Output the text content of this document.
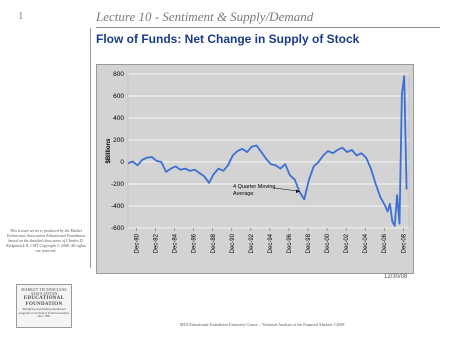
1	Lecture 10 - Sentiment & Supply/Demand
Flow of Funds: Net Change in Supply of Stock
800
600
400
200
0
-200
-400
-600
Dec-80 Dec-82 Dec-84 Dec-86 Dec-88 Dec-90 Dec-92 Dec-94 Dec-96 Dec-98 Dec-00 Dec-02 Dec-04 Dec-06 Dec-08
$Billions
4 Quarter Moving Average
12/30/08
This lecture series is produced by the Market Technicians Association Educational Foundation based on the detailed class notes of Charles D. Kirkpatrick II, CMT Copyright © 2008. All rights are reserved.
MARKET TECHNICIANS ASSOCIATION
EDUCATIONAL FOUNDATION
Identifying and funding educational programs in the field of technical analysis since 1991
MTA Educational Foundation University Course – Technical Analysis of the Financial Markets ©2009
